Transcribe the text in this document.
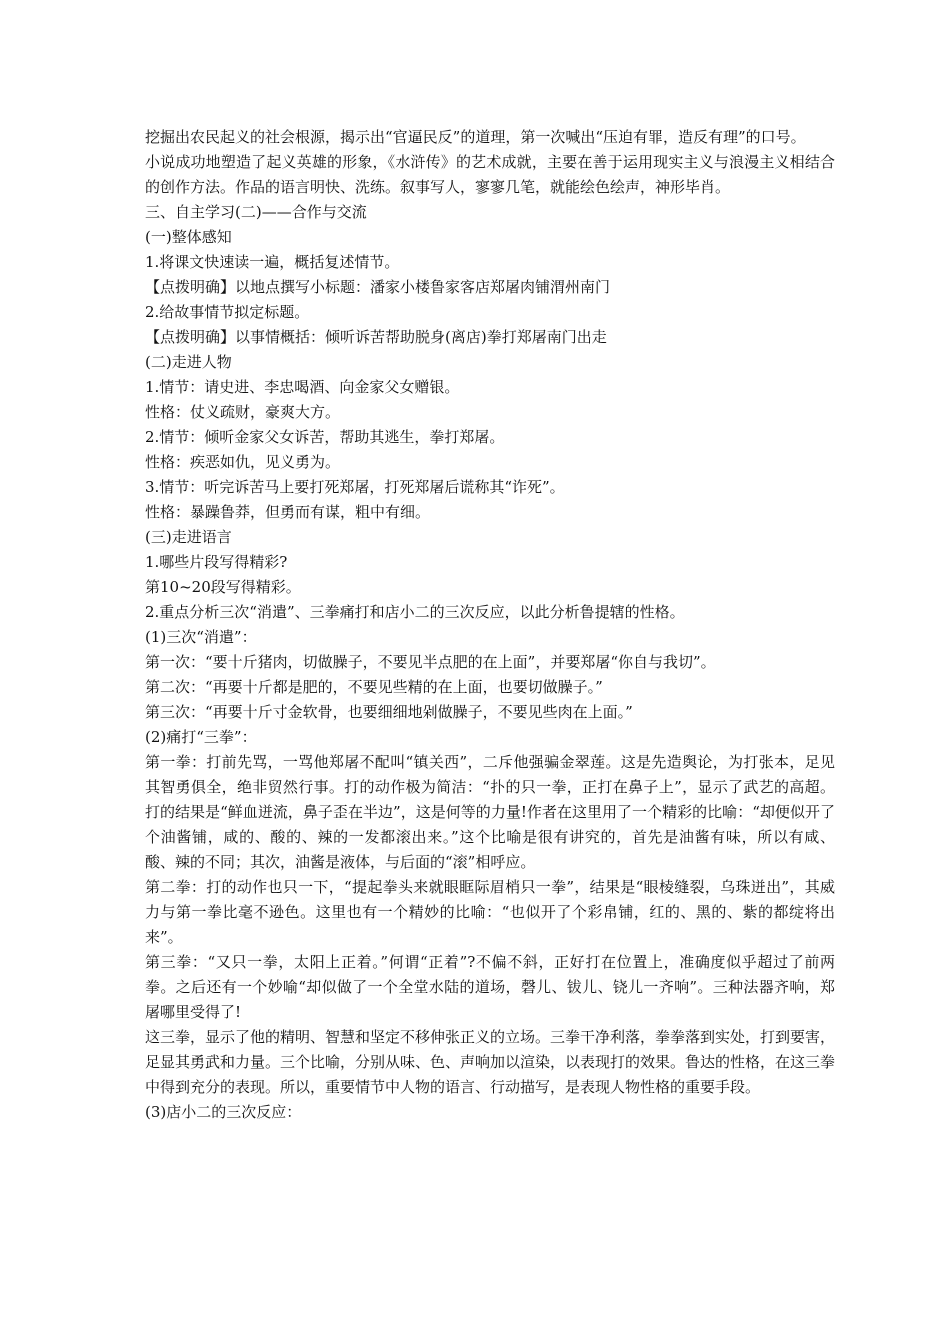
挖掘出农民起义的社会根源，揭示出“官逼民反”的道理，第一次喊出“压迫有罪，造反有理”的口号。

小说成功地塑造了起义英雄的形象，《水浒传》的艺术成就，主要在善于运用现实主义与浪漫主义相结合的创作方法。作品的语言明快、洗练。叙事写人，寥寥几笔，就能绘色绘声，神形毕肖。

三、自主学习(二)——合作与交流

(一)整体感知

1.将课文快速读一遍，概括复述情节。

【点拨明确】以地点撰写小标题：潘家小楼鲁家客店郑屠肉铺渭州南门

2.给故事情节拟定标题。

【点拨明确】以事情概括：倾听诉苦帮助脱身(离店)拳打郑屠南门出走

(二)走进人物

1.情节：请史进、李忠喝酒、向金家父女赠银。

性格：仗义疏财，豪爽大方。

2.情节：倾听金家父女诉苦，帮助其逃生，拳打郑屠。

性格：疾恶如仇，见义勇为。

3.情节：听完诉苦马上要打死郑屠，打死郑屠后谎称其“诈死”。

性格：暴躁鲁莽，但勇而有谋，粗中有细。

(三)走进语言

1.哪些片段写得精彩?

第10~20段写得精彩。

2.重点分析三次“消遣”、三拳痛打和店小二的三次反应，以此分析鲁提辖的性格。

(1)三次“消遣”：

第一次：“要十斤猪肉，切做臊子，不要见半点肥的在上面”，并要郑屠“你自与我切”。

第二次：“再要十斤都是肥的，不要见些精的在上面，也要切做臊子。”

第三次：“再要十斤寸金软骨，也要细细地剁做臊子，不要见些肉在上面。”

(2)痛打“三拳”：

第一拳：打前先骂，一骂他郑屠不配叫“镇关西”，二斥他强骗金翠莲。这是先造舆论，为打张本，足见其智勇俱全，绝非贸然行事。打的动作极为简洁：“扑的只一拳，正打在鼻子上”，显示了武艺的高超。打的结果是“鲜血迸流，鼻子歪在半边”，这是何等的力量!作者在这里用了一个精彩的比喻：“却便似开了个油酱铺，咸的、酸的、辣的一发都滚出来。”这个比喻是很有讲究的，首先是油酱有味，所以有咸、酸、辣的不同；其次，油酱是液体，与后面的“滚”相呼应。

第二拳：打的动作也只一下，“提起拳头来就眼眶际眉梢只一拳”，结果是“眼棱缝裂，乌珠迸出”，其威力与第一拳比毫不逊色。这里也有一个精妙的比喻：“也似开了个彩帛铺，红的、黑的、紫的都绽将出来”。

第三拳：“又只一拳，太阳上正着。”何谓“正着”?不偏不斜，正好打在位置上，准确度似乎超过了前两拳。之后还有一个妙喻“却似做了一个全堂水陆的道场，磬儿、钹儿、铙儿一齐响”。三种法器齐响，郑屠哪里受得了!

这三拳，显示了他的精明、智慧和坚定不移伸张正义的立场。三拳干净利落，拳拳落到实处，打到要害，足显其勇武和力量。三个比喻，分别从味、色、声响加以渲染，以表现打的效果。鲁达的性格，在这三拳中得到充分的表现。所以，重要情节中人物的语言、行动描写，是表现人物性格的重要手段。

(3)店小二的三次反应：
